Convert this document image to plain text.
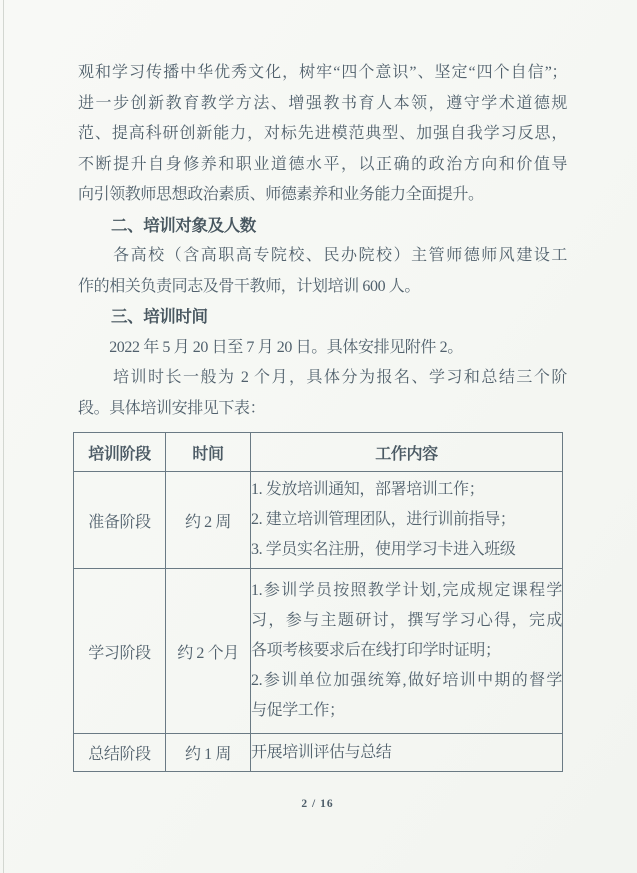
观和学习传播中华优秀文化，树牢“四个意识”、坚定“四个自信”；
进一步创新教育教学方法、增强教书育人本领，遵守学术道德规
范、提高科研创新能力，对标先进模范典型、加强自我学习反思，
不断提升自身修养和职业道德水平，以正确的政治方向和价值导
向引领教师思想政治素质、师德素养和业务能力全面提升。
二、培训对象及人数
　　各高校（含高职高专院校、民办院校）主管师德师风建设工
作的相关负责同志及骨干教师，计划培训 600 人。
三、培训时间
　　2022 年 5 月 20 日至 7 月 20 日。具体安排见附件 2。
　　培训时长一般为 2 个月，具体分为报名、学习和总结三个阶
段。具体培训安排见下表：
培训阶段	时间	工作内容
准备阶段	约 2 周	1. 发放培训通知，部署培训工作；
2. 建立培训管理团队，进行训前指导；
3. 学员实名注册，使用学习卡进入班级

学习阶段	约 2 个月	1.参训学员按照教学计划,完成规定课程学
习，参与主题研讨，撰写学习心得，完成
各项考核要求后在线打印学时证明；
2.参训单位加强统筹,做好培训中期的督学
与促学工作；

总结阶段	约 1 周	开展培训评估与总结
2 / 16
